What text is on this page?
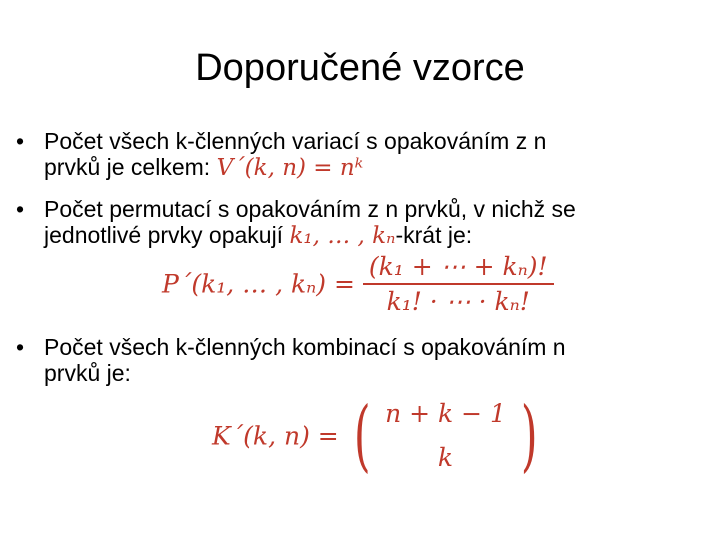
Doporučené vzorce
• Počet všech k-členných variací s opakováním z n
prvků je celkem: V´(k, n) = nᵏ
• Počet permutací s opakováním z n prvků, v nichž se
jednotlivé prvky opakují k₁, … , kₙ-krát je:
P´(k₁, … , $k_n) = \frac{\text{(k₁ + ⋯ + kₙ)!}}{\text{k₁! · ⋯ · kₙ!}}$
• Počet všech k-členných kombinací s opakováním n
prvků je:
K´(k, n) = ( n + k − 1
k )
